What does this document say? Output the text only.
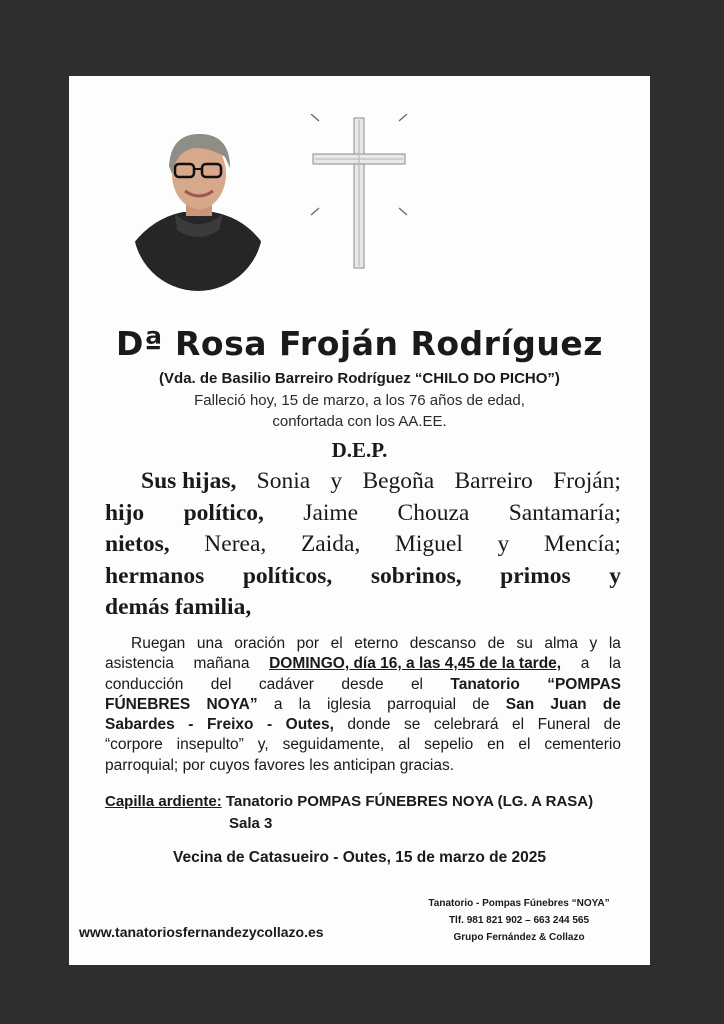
Dª Rosa Froján Rodríguez
(Vda. de Basilio Barreiro Rodríguez “CHILO DO PICHO”)
Falleció hoy, 15 de marzo, a los 76 años de edad,
confortada con los AA.EE.
D.E.P.
Sus hijas, Sonia y Begoña Barreiro Froján;
hijo político, Jaime Chouza Santamaría;
nietos, Nerea, Zaida, Miguel y Mencía;
hermanos políticos, sobrinos, primos y
demás familia,
Ruegan una oración por el eterno descanso de su alma y la
asistencia mañana DOMINGO, día 16, a las 4,45 de la tarde, a la
conducción del cadáver desde el Tanatorio “POMPAS
FÚNEBRES NOYA” a la iglesia parroquial de San Juan de
Sabardes - Freixo - Outes, donde se celebrará el Funeral de
“corpore insepulto” y, seguidamente, al sepelio en el cementerio
parroquial;
por
cuyos
favores
les
anticipan
gracias.
Capilla ardiente: Tanatorio POMPAS FÚNEBRES NOYA (LG. A RASA)
Sala 3
Vecina de Catasueiro - Outes, 15 de marzo de 2025
www.tanatoriosfernandezycollazo.es
Tanatorio - Pompas Fúnebres “NOYA”
Tlf. 981 821 902 – 663 244 565
Grupo Fernández & Collazo
